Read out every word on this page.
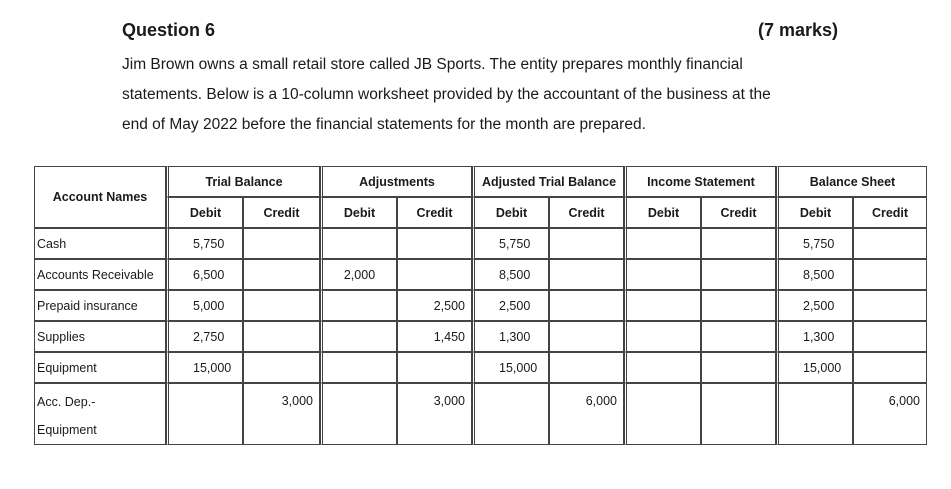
Question 6	(7 marks)

Jim Brown owns a small retail store called JB Sports. The entity prepares monthly financial

statements. Below is a 10-column worksheet provided by the accountant of the business at the

end of May 2022 before the financial statements for the month are prepared.

Account Names	Trial Balance		Adjustments		Adjusted Trial Balance		Income Statement		Balance Sheet	
	Debit	Credit	Debit	Credit	Debit	Credit	Debit	Credit	Debit	Credit
Cash	5,750				5,750				5,750	
Accounts Receivable	6,500		2,000		8,500				8,500	
Prepaid insurance	5,000			2,500	2,500				2,500	
Supplies	2,750			1,450	1,300				1,300	
Equipment	15,000				15,000				15,000	

Acc. Dep.-
Equipment		3,000		3,000		6,000				6,000
